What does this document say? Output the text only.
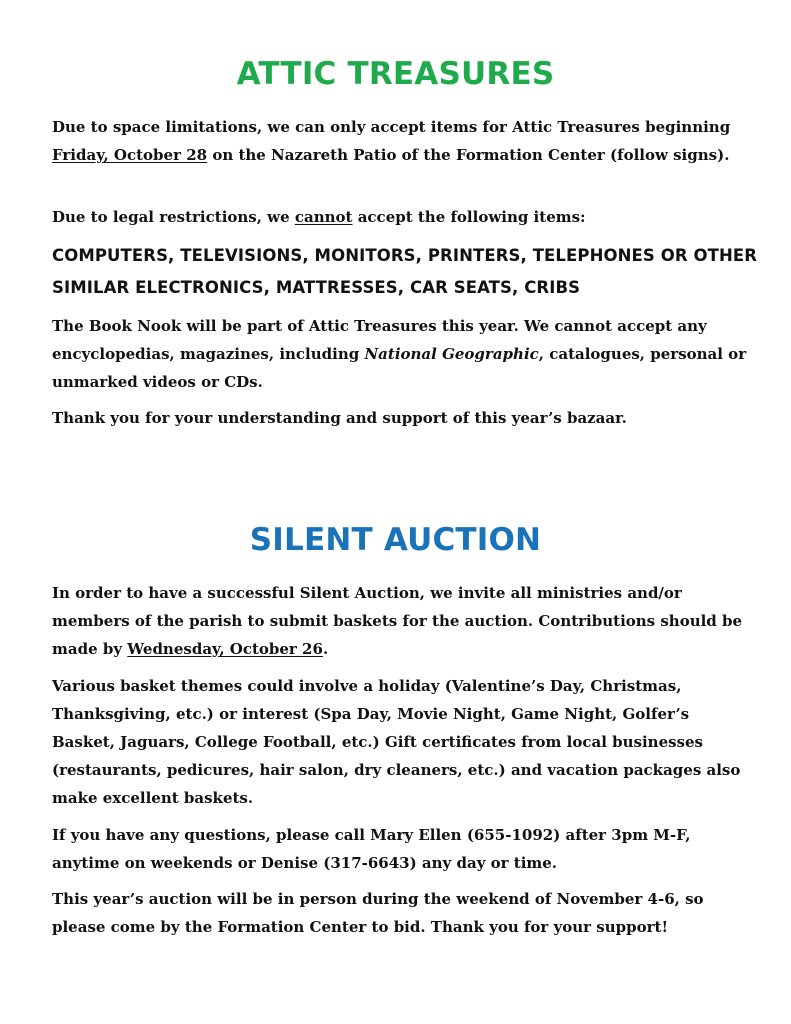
ATTIC TREASURES

Due to space limitations, we can only accept items for Attic Treasures beginning Friday, October 28 on the Nazareth Patio of the Formation Center (follow signs).

Due to legal restrictions, we cannot accept the following items:

COMPUTERS, TELEVISIONS, MONITORS, PRINTERS, TELEPHONES OR OTHER SIMILAR ELECTRONICS, MATTRESSES, CAR SEATS, CRIBS

The Book Nook will be part of Attic Treasures this year. We cannot accept any encyclopedias, magazines, including National Geographic, catalogues, personal or unmarked videos or CDs.

Thank you for your understanding and support of this year’s bazaar.

SILENT AUCTION

In order to have a successful Silent Auction, we invite all ministries and/or members of the parish to submit baskets for the auction. Contributions should be made by Wednesday, October 26.

Various basket themes could involve a holiday (Valentine’s Day, Christmas, Thanksgiving, etc.) or interest (Spa Day, Movie Night, Game Night, Golfer’s Basket, Jaguars, College Football, etc.) Gift certificates from local businesses (restaurants, pedicures, hair salon, dry cleaners, etc.) and vacation packages also make excellent baskets.

If you have any questions, please call Mary Ellen (655-1092) after 3pm M-F, anytime on weekends or Denise (317-6643) any day or time.

This year’s auction will be in person during the weekend of November 4-6, so please come by the Formation Center to bid. Thank you for your support!
